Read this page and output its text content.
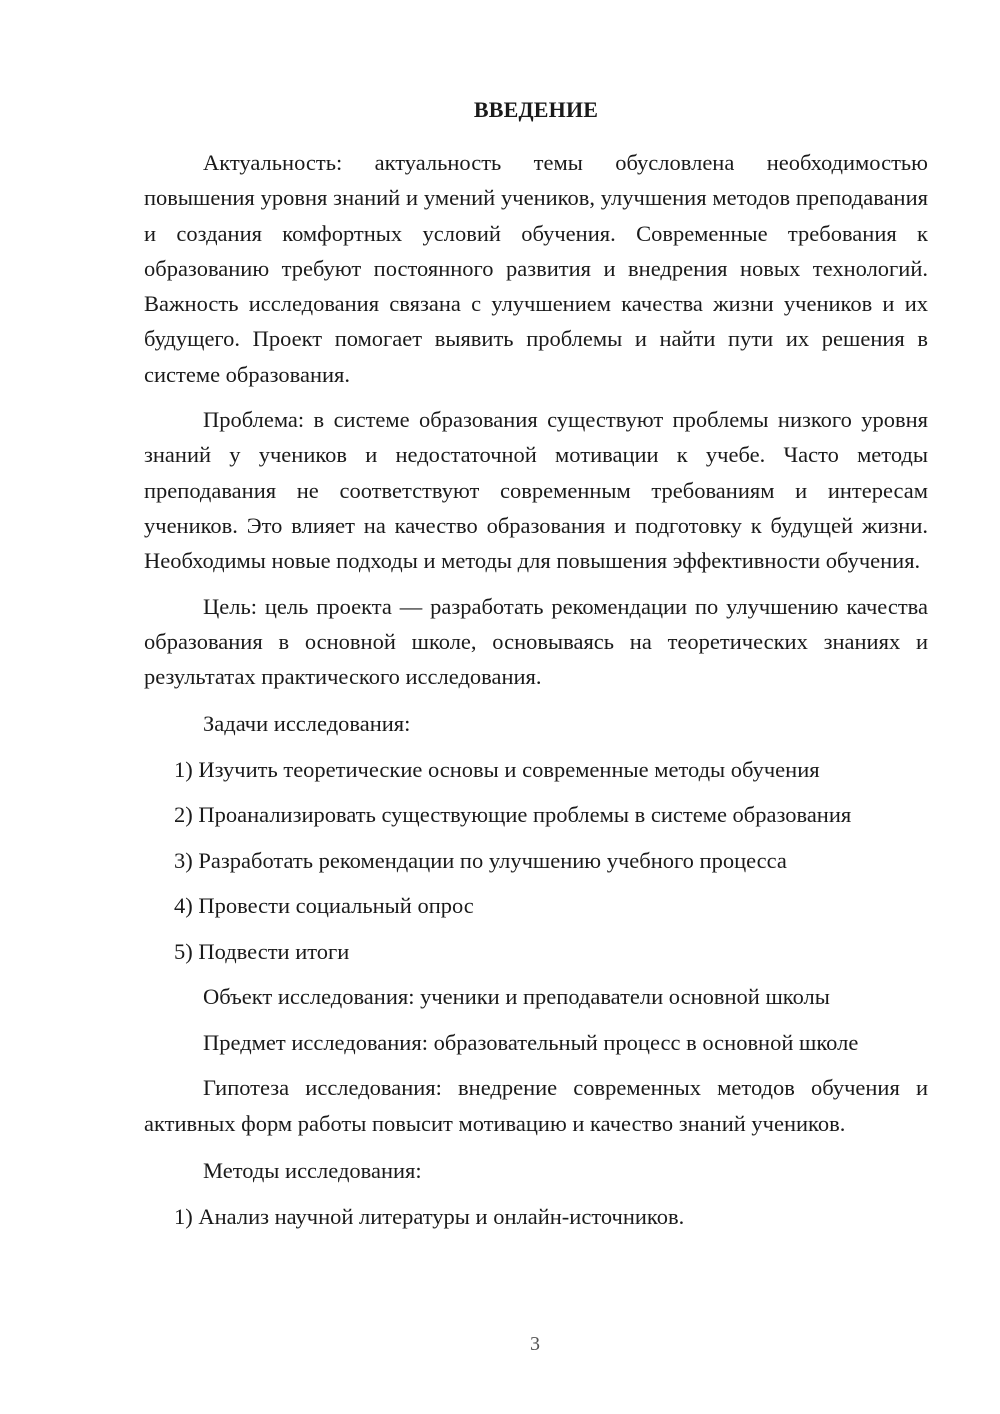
ВВЕДЕНИЕ

Актуальность: актуальность темы обусловлена необходимостью повышения уровня знаний и умений учеников, улучшения методов преподавания и создания комфортных условий обучения. Современные требования к образованию требуют постоянного развития и внедрения новых технологий. Важность исследования связана с улучшением качества жизни учеников и их будущего. Проект помогает выявить проблемы и найти пути их решения в системе образования.

Проблема: в системе образования существуют проблемы низкого уровня знаний у учеников и недостаточной мотивации к учебе. Часто методы преподавания не соответствуют современным требованиям и интересам учеников. Это влияет на качество образования и подготовку к будущей жизни. Необходимы новые подходы и методы для повышения эффективности обучения.

Цель: цель проекта — разработать рекомендации по улучшению качества образования в основной школе, основываясь на теоретических знаниях и результатах практического исследования.

Задачи исследования:
1) Изучить теоретические основы и современные методы обучения
2) Проанализировать существующие проблемы в системе образования
3) Разработать рекомендации по улучшению учебного процесса
4) Провести социальный опрос
5) Подвести итоги
Объект исследования: ученики и преподаватели основной школы
Предмет исследования: образовательный процесс в основной школе

Гипотеза исследования: внедрение современных методов обучения и активных форм работы повысит мотивацию и качество знаний учеников.

Методы исследования:
1) Анализ научной литературы и онлайн-источников.
3
